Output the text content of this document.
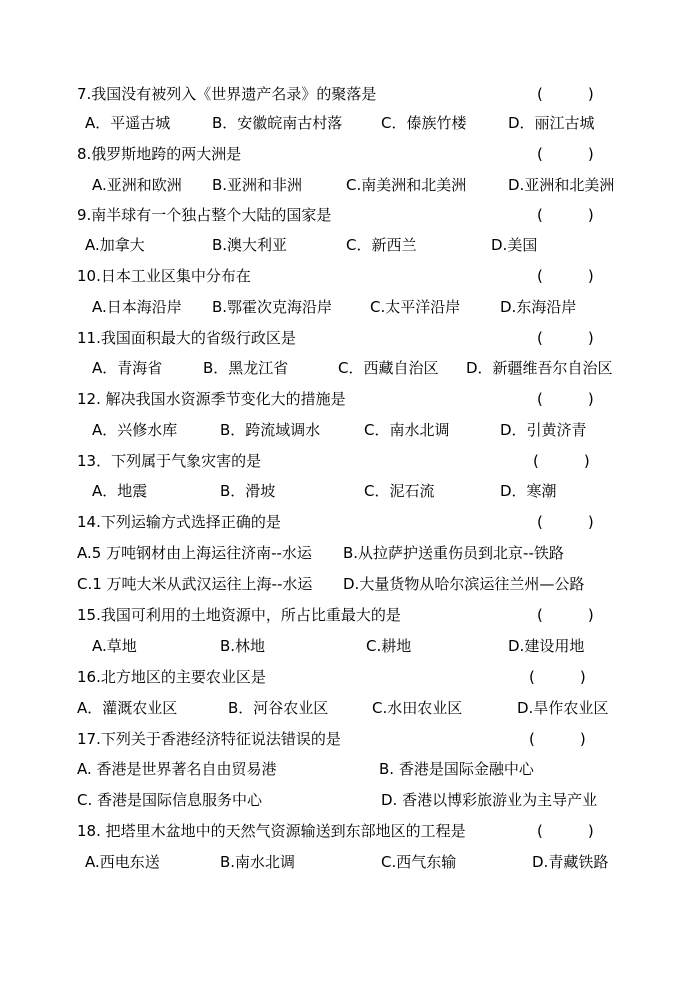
7.我国没有被列入《世界遗产名录》的聚落是	(　　　)
A．平遥古城	B．安徽皖南古村落	C．傣族竹楼	D．丽江古城
8.俄罗斯地跨的两大洲是	(　　　)
A.亚洲和欧洲 B.亚洲和非洲	C.南美洲和北美洲	D.亚洲和北美洲
9.南半球有一个独占整个大陆的国家是	(　　　)
A.加拿大	B.澳大利亚	C．新西兰	D.美国
10.日本工业区集中分布在	(　　　)
A.日本海沿岸 B.鄂霍次克海沿岸	C.太平洋沿岸	D.东海沿岸
11.我国面积最大的省级行政区是	(　　　)
A．青海省	B．黑龙江省	C．西藏自治区 D．新疆维吾尔自治区
12. 解决我国水资源季节变化大的措施是	(　　　)
A．兴修水库	B．跨流域调水	C．南水北调	D．引黄济青
13．下列属于气象灾害的是	(　　　)
A．地震	B．滑坡	C．泥石流	D．寒潮
14.下列运输方式选择正确的是	(　　　)
A.5 万吨钢材由上海运往济南--水运 B.从拉萨护送重伤员到北京--铁路
C.1 万吨大米从武汉运往上海--水运 D.大量货物从哈尔滨运往兰州—公路
15.我国可利用的土地资源中，所占比重最大的是	(　　　)
A.草地	B.林地	C.耕地	D.建设用地
16.北方地区的主要农业区是	(　　　)
A．灌溉农业区	B．河谷农业区	C.水田农业区	D.旱作农业区
17.下列关于香港经济特征说法错误的是	(　　　)
A. 香港是世界著名自由贸易港	B. 香港是国际金融中心
C. 香港是国际信息服务中心	D. 香港以博彩旅游业为主导产业
18. 把塔里木盆地中的天然气资源输送到东部地区的工程是	(　　　)
A.西电东送	B.南水北调	C.西气东输	D.青藏铁路
